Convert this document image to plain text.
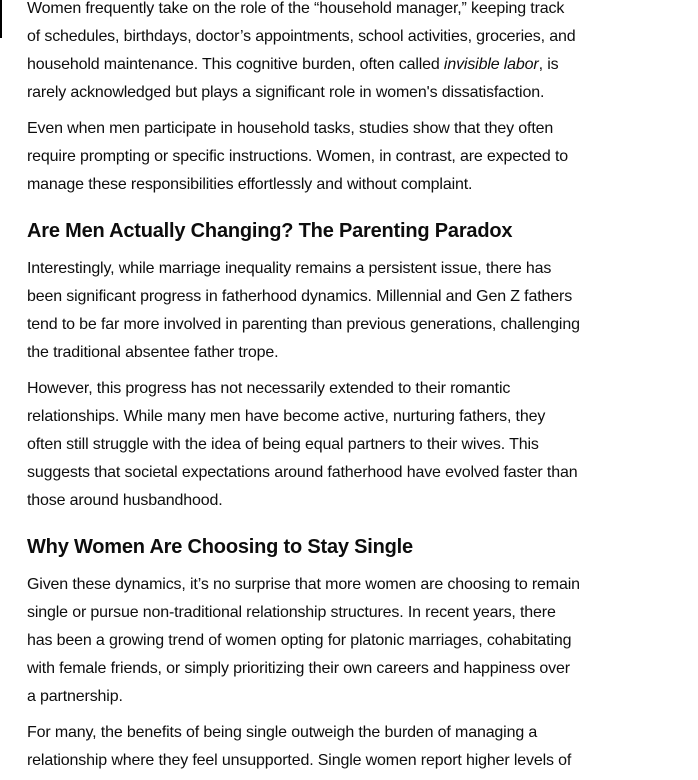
Women frequently take on the role of the “household manager,” keeping track
of schedules, birthdays, doctor’s appointments, school activities, groceries, and
household maintenance. This cognitive burden, often called invisible labor, is
rarely acknowledged but plays a significant role in women's dissatisfaction.

Even when men participate in household tasks, studies show that they often
require prompting or specific instructions. Women, in contrast, are expected to
manage these responsibilities effortlessly and without complaint.

Are Men Actually Changing? The Parenting Paradox

Interestingly, while marriage inequality remains a persistent issue, there has
been significant progress in fatherhood dynamics. Millennial and Gen Z fathers
tend to be far more involved in parenting than previous generations, challenging
the traditional absentee father trope.

However, this progress has not necessarily extended to their romantic
relationships. While many men have become active, nurturing fathers, they
often still struggle with the idea of being equal partners to their wives. This
suggests that societal expectations around fatherhood have evolved faster than
those around husbandhood.

Why Women Are Choosing to Stay Single

Given these dynamics, it’s no surprise that more women are choosing to remain
single or pursue non-traditional relationship structures. In recent years, there
has been a growing trend of women opting for platonic marriages, cohabitating
with female friends, or simply prioritizing their own careers and happiness over
a partnership.

For many, the benefits of being single outweigh the burden of managing a
relationship where they feel unsupported. Single women report higher levels of
